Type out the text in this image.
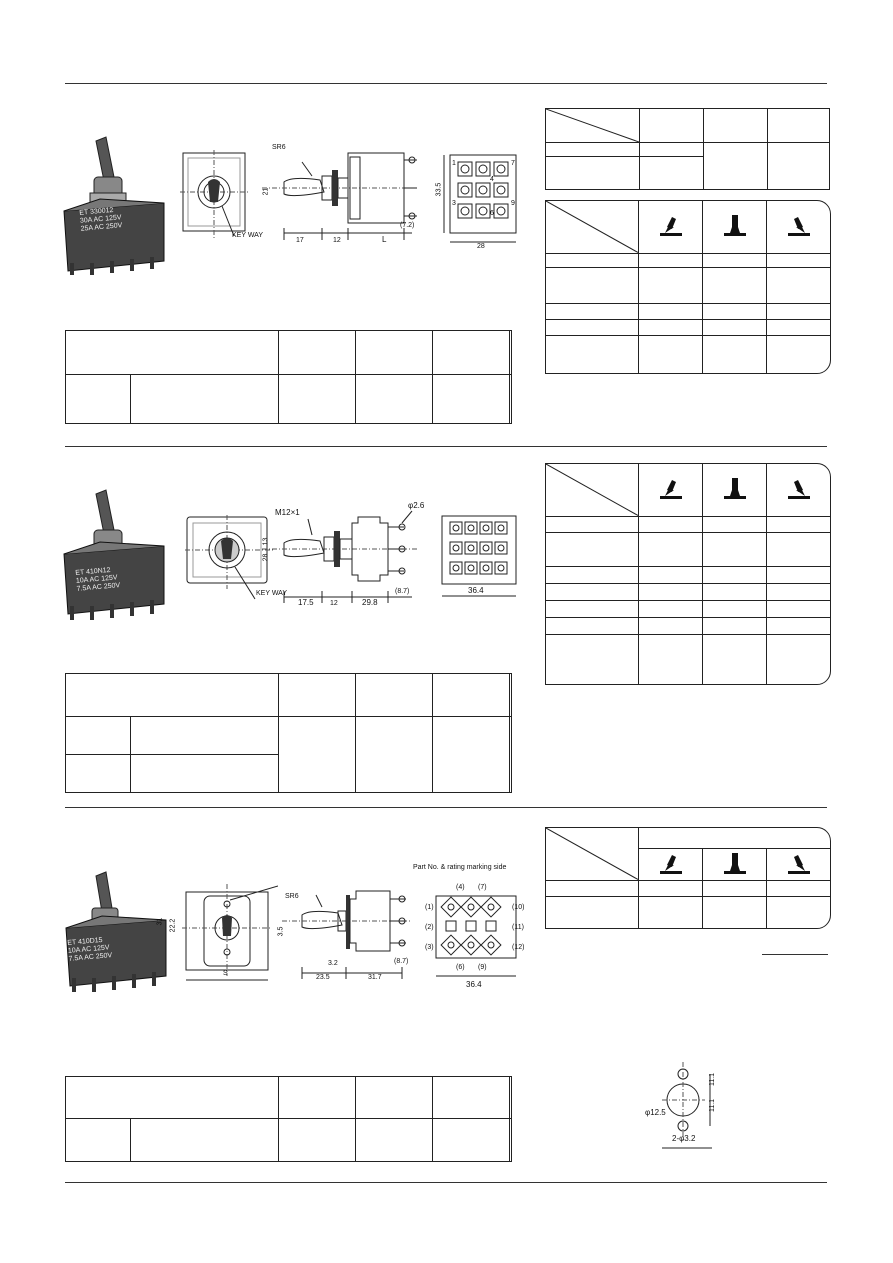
ET 330012
30A AC 125V
25A AC 250V
KEY WAY
SR6
21
17	12	L
(7.2)
1
4
7
3
6
9
33.5
28

ET 410N12
10A AC 125V
7.5A AC 250V
KEY WAY
M12×1
φ2.6
13
28
17.5 12	29.8
(8.7)	36.4

ET 410D15
10A AC 125V
7.5A AC 250V
31 22.2
S
SR6
3.5
3.2
23.5	31.7
(8.7)
Part No. & rating marking side
(4) (7)
(1)
(2)
(3)
(10)
(11)
(12)
(6) (9)
36.4

φ12.5
2-φ3.2
11.1
11.1
